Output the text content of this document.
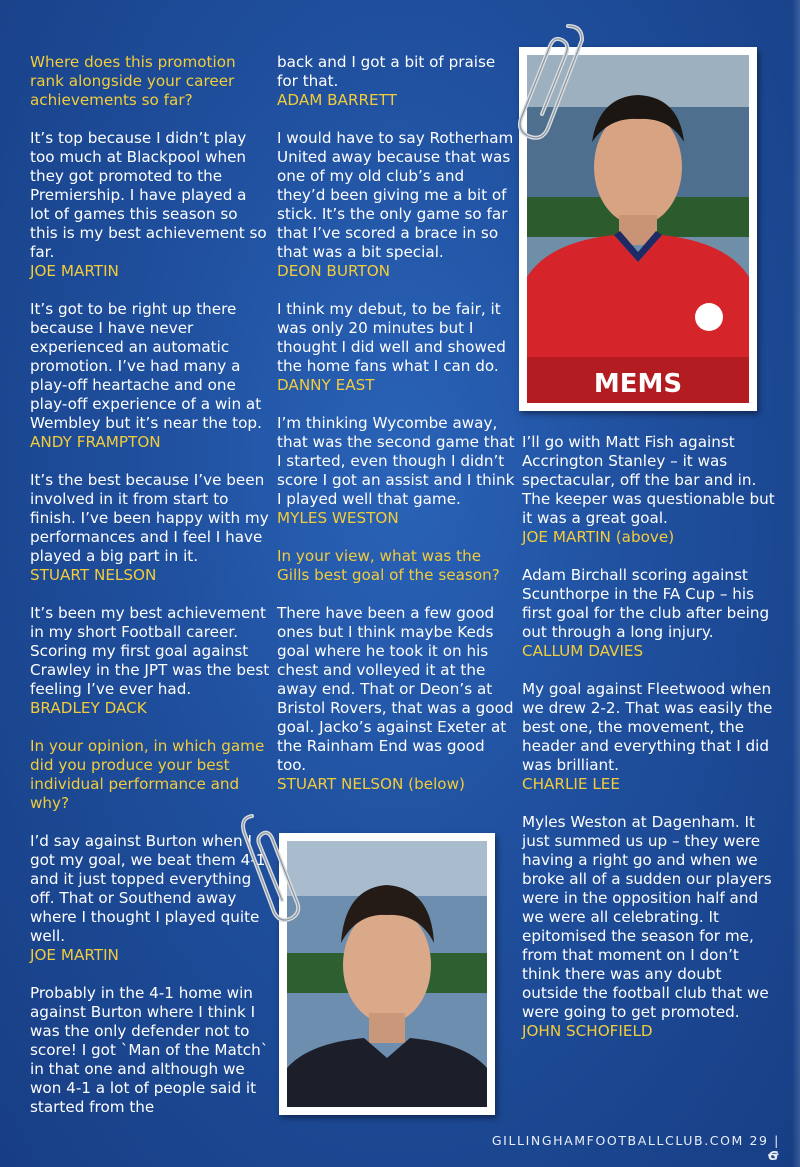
Where does this promotion rank alongside your career achievements so far?

It’s top because I didn’t play too much at Blackpool when they got promoted to the Premiership. I have played a lot of games this season so this is my best achievement so far.

JOE MARTIN

It’s got to be right up there because I have never experienced an automatic promotion. I’ve had many a play-off heartache and one play-off experience of a win at Wembley but it’s near the top.

ANDY FRAMPTON

It’s the best because I’ve been involved in it from start to finish. I’ve been happy with my performances and I feel I have played a big part in it.

STUART NELSON

It’s been my best achievement in my short Football career. Scoring my first goal against Crawley in the JPT was the best feeling I’ve ever had.

BRADLEY DACK

In your opinion, in which game did you produce your best individual performance and why?

I’d say against Burton when I got my goal, we beat them 4-1 and it just topped everything off. That or Southend away where I thought I played quite well.

JOE MARTIN

Probably in the 4-1 home win against Burton where I think I was the only defender not to score! I got `Man of the Match` in that one and although we won 4-1 a lot of people said it started from the

back and I got a bit of praise for that.

ADAM BARRETT

I would have to say Rotherham United away because that was one of my old club’s and they’d been giving me a bit of stick. It’s the only game so far that I’ve scored a brace in so that was a bit special.

DEON BURTON

I think my debut, to be fair, it was only 20 minutes but I thought I did well and showed the home fans what I can do.

DANNY EAST

I’m thinking Wycombe away, that was the second game that I started, even though I didn’t score I got an assist and I think I played well that game.

MYLES WESTON

In your view, what was the Gills best goal of the season?

There have been a few good ones but I think maybe Keds goal where he took it on his chest and volleyed it at the away end. That or Deon’s at Bristol Rovers, that was a good goal. Jacko’s against Exeter at the Rainham End was good too.

STUART NELSON (below)

I’ll go with Matt Fish against Accrington Stanley – it was spectacular, off the bar and in. The keeper was questionable but it was a great goal.

JOE MARTIN (above)

Adam Birchall scoring against Scunthorpe in the FA Cup – his first goal for the club after being out through a long injury.

CALLUM DAVIES

My goal against Fleetwood when we drew 2-2. That was easily the best one, the movement, the header and everything that I did was brilliant.

CHARLIE LEE

Myles Weston at Dagenham. It just summed us up – they were having a right go and when we broke all of a sudden our players were in the opposition half and we were all celebrating. It epitomised the season for me, from that moment on I don’t think there was any doubt outside the football club that we were going to get promoted.

JOHN SCHOFIELD

MEMS
GILLINGHAMFOOTBALLCLUB.COM 29 | Ꞡ
